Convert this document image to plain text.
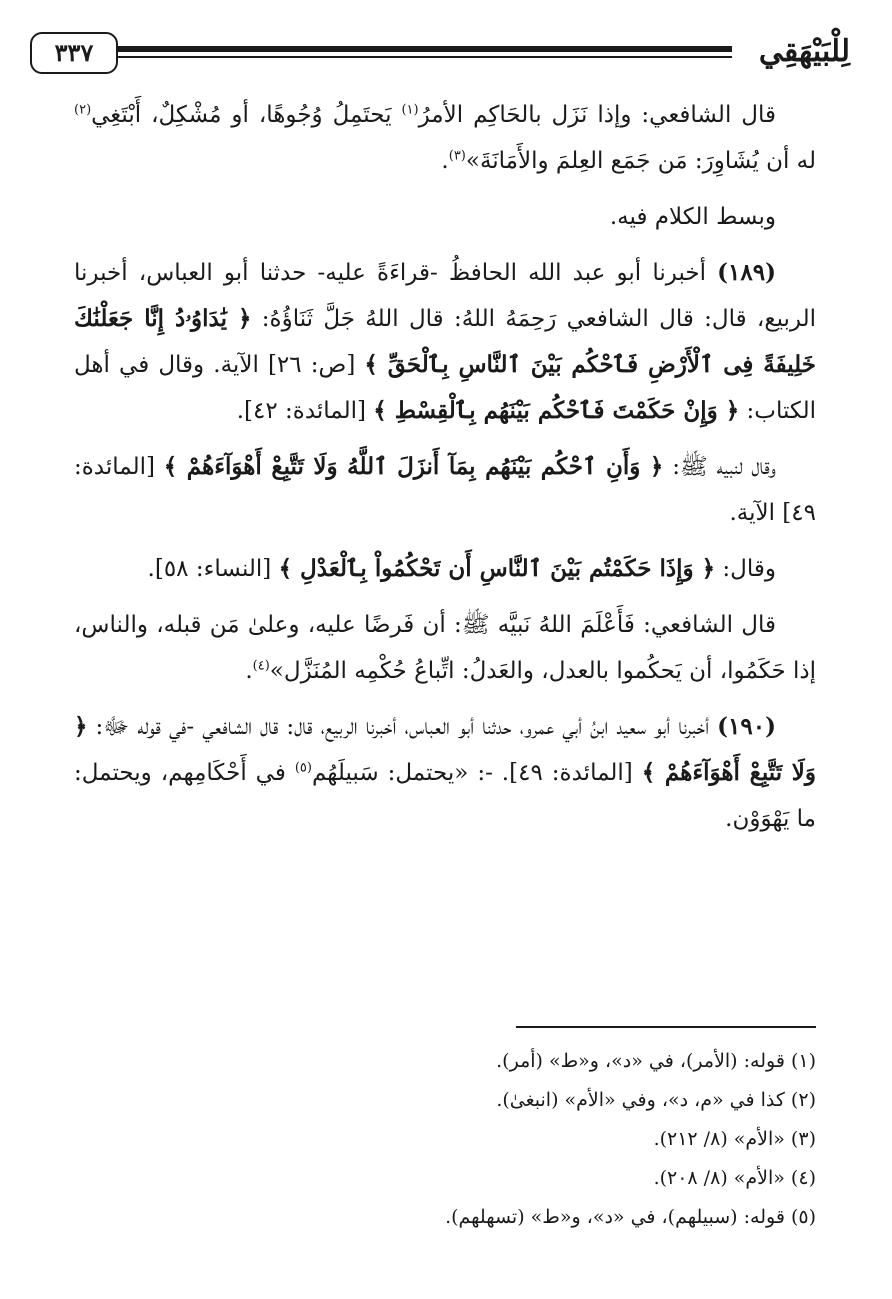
لِلْبَيْهَقِي
٣٣٧

قال الشافعي: وإذا نَزَل بالحَاكِم الأمرُ$^{(١)}$ يَحتَمِلُ وُجُوهًا، أو مُشْكِلٌ، أَبْتَغِي$^{(٢)}$ له أن يُشَاوِرَ: مَن جَمَع العِلمَ والأَمَانَةَ»$^{(٣)}$.

وبسط الكلام فيه.

(١٨٩) أخبرنا أبو عبد الله الحافظُ -قراءَةً عليه- حدثنا أبو العباس، أخبرنا الربيع، قال: قال الشافعي رَحِمَهُ اللهُ: قال اللهُ جَلَّ ثَنَاؤُهُ: ﴿ يَٰدَاوُۥدُ إِنَّا جَعَلْنَٰكَ خَلِيفَةً فِى ٱلْأَرْضِ فَٱحْكُم بَيْنَ ٱلنَّاسِ بِٱلْحَقِّ ﴾ [ص: ٢٦] الآية. وقال في أهل الكتاب: ﴿ وَإِنْ حَكَمْتَ فَٱحْكُم بَيْنَهُم بِٱلْقِسْطِ ﴾ [المائدة: ٤٢].

وقال لنبيه ﷺ: ﴿ وَأَنِ ٱحْكُم بَيْنَهُم بِمَآ أَنزَلَ ٱللَّهُ وَلَا تَتَّبِعْ أَهْوَآءَهُمْ ﴾ [المائدة: ٤٩] الآية.

وقال: ﴿ وَإِذَا حَكَمْتُم بَيْنَ ٱلنَّاسِ أَن تَحْكُمُواْ بِٱلْعَدْلِ ﴾ [النساء: ٥٨].

قال الشافعي: فَأَعْلَمَ اللهُ نَبيَّه ﷺ: أن فَرضًا عليه، وعلىٰ مَن قبله، والناس، إذا حَكَمُوا، أن يَحكُموا بالعدل، والعَدلُ: اتِّباعُ حُكْمِه المُنَزَّل»$^{(٤)}$.

(١٩٠) أخبرنا أبو سعيد ابنُ أبي عمرو، حدثنا أبو العباس، أخبرنا الربيع، قال: قال الشافعي -في قوله ﷻ: ﴿ وَلَا تَتَّبِعْ أَهْوَآءَهُمْ ﴾ [المائدة: ٤٩]. -: «يحتمل: سَبيلَهُم$^{(٥)}$ في أَحْكَامِهم، ويحتمل: ما يَهْوَوْن.

(١) قوله: (الأمر)، في «د»، و«ط» (أمر).
(٢) كذا في «م، د»، وفي «الأم» (انبغىٰ).
(٣) «الأم» (٨/ ٢١٢).
(٤) «الأم» (٨/ ٢٠٨).
(٥) قوله: (سبيلهم)، في «د»، و«ط» (تسهلهم).
